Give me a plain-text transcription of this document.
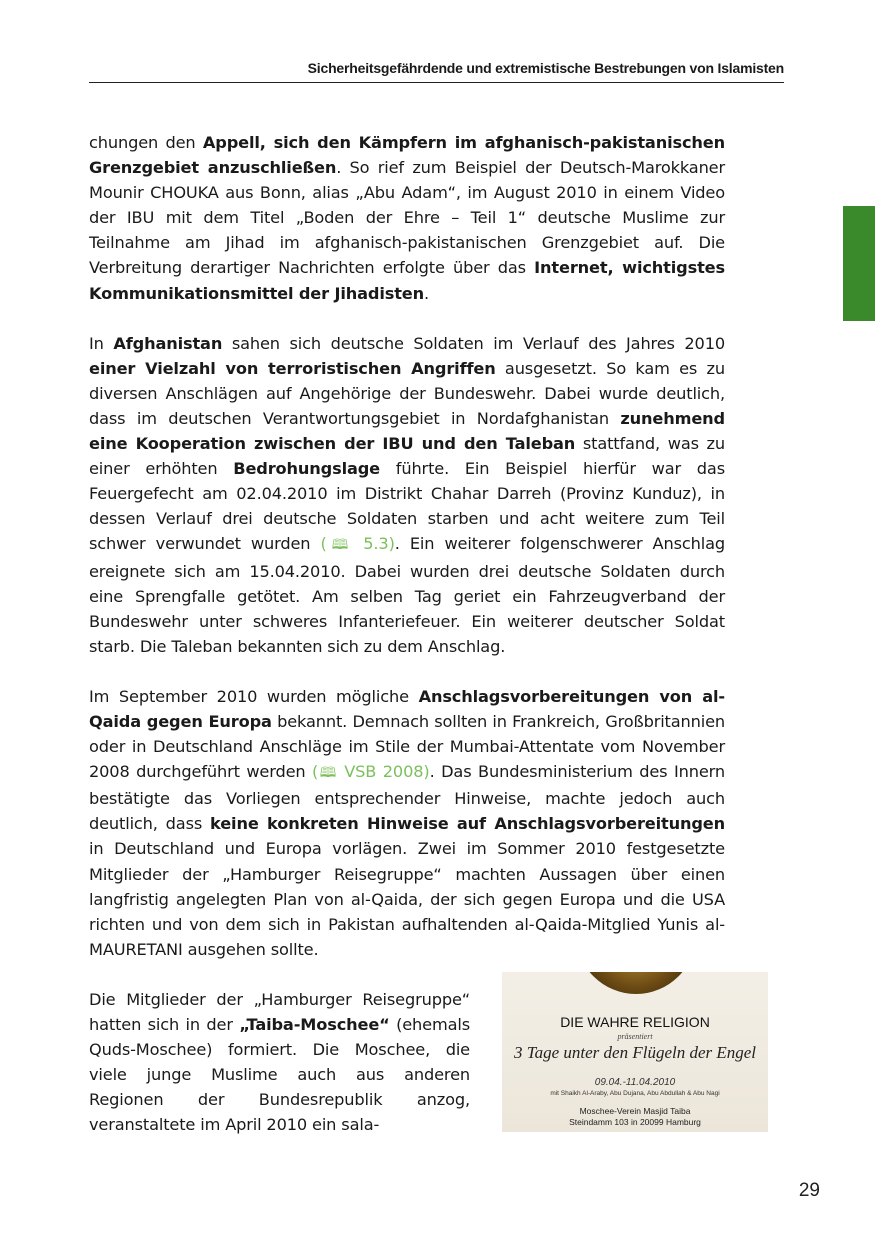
Sicherheitsgefährdende und extremistische Bestrebungen von Islamisten

chungen den Appell, sich den Kämpfern im afghanisch-pakistanischen Grenzgebiet anzuschließen. So rief zum Beispiel der Deutsch-Marokkaner Mounir CHOUKA aus Bonn, alias „Abu Adam“, im August 2010 in einem Video der IBU mit dem Titel „Boden der Ehre – Teil 1“ deutsche Muslime zur Teilnahme am Jihad im afghanisch-pakistanischen Grenzgebiet auf. Die Verbreitung derartiger Nachrichten erfolgte über das Internet, wichtigstes Kommunikationsmittel der Jihadisten.

In Afghanistan sahen sich deutsche Soldaten im Verlauf des Jahres 2010 einer Vielzahl von terroristischen Angriffen ausgesetzt. So kam es zu diversen Anschlägen auf Angehörige der Bundeswehr. Dabei wurde deutlich, dass im deutschen Verantwortungsgebiet in Nordafghanistan zunehmend eine Kooperation zwischen der IBU und den Taleban stattfand, was zu einer erhöhten Bedrohungslage führte. Ein Beispiel hierfür war das Feuergefecht am 02.04.2010 im Distrikt Chahar Darreh (Provinz Kunduz), in dessen Verlauf drei deutsche Soldaten starben und acht weitere zum Teil schwer verwundet wurden (🕮 5.3). Ein weiterer folgenschwerer Anschlag ereignete sich am 15.04.2010. Dabei wurden drei deutsche Soldaten durch eine Sprengfalle getötet. Am selben Tag geriet ein Fahrzeugverband der Bundeswehr unter schweres Infanteriefeuer. Ein weiterer deutscher Soldat starb. Die Taleban bekannten sich zu dem Anschlag.

Im September 2010 wurden mögliche Anschlagsvorbereitungen von al-Qaida gegen Europa bekannt. Demnach sollten in Frankreich, Großbritannien oder in Deutschland Anschläge im Stile der Mumbai-Attentate vom November 2008 durchgeführt werden (🕮 VSB 2008). Das Bundesministerium des Innern bestätigte das Vorliegen entsprechender Hinweise, machte jedoch auch deutlich, dass keine konkreten Hinweise auf Anschlagsvorbereitungen in Deutschland und Europa vorlägen. Zwei im Sommer 2010 festgesetzte Mitglieder der „Hamburger Reisegruppe“ machten Aussagen über einen langfristig angelegten Plan von al-Qaida, der sich gegen Europa und die USA richten und von dem sich in Pakistan aufhaltenden al-Qaida-Mitglied Yunis al-MAURETANI ausgehen sollte.

Die Mitglieder der „Hamburger Reisegruppe“ hatten sich in der „Taiba-Moschee“ (ehemals Quds-Moschee) formiert. Die Moschee, die viele junge Muslime auch aus anderen Regionen der Bundesrepublik anzog, veranstaltete im April 2010 ein sala-

DIE WAHRE RELIGION
präsentiert
3 Tage unter den Flügeln der Engel
09.04.-11.04.2010
mit Shaikh Al-Araby, Abu Dujana, Abu Abdullah & Abu Nagi
Moschee-Verein Masjid Taiba
Steindamm 103 in 20099 Hamburg
29
